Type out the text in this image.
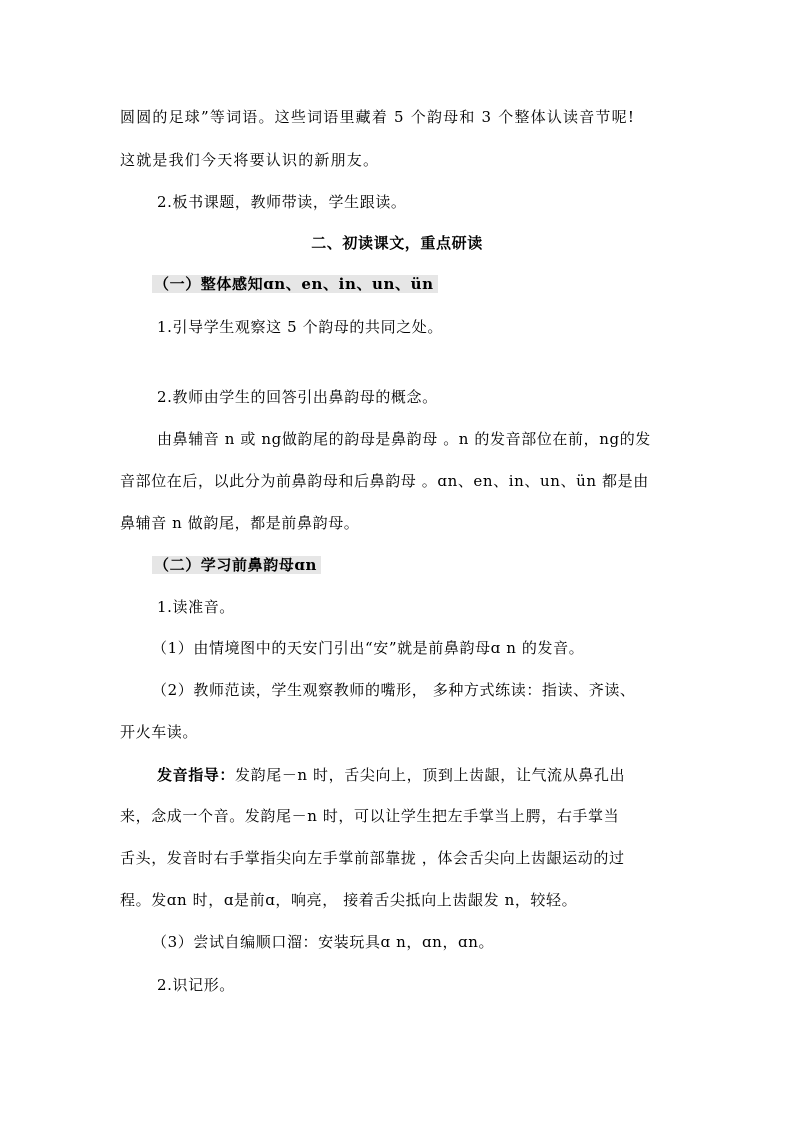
圆圆的足球”等词语。这些词语里藏着 5 个韵母和 3 个整体认读音节呢!
这就是我们今天将要认识的新朋友。
2.板书课题，教师带读，学生跟读。
二、初读课文，重点研读
（一）整体感知ɑn、en、in、un、ün
1.引导学生观察这 5 个韵母的共同之处。
2.教师由学生的回答引出鼻韵母的概念。
由鼻辅音 n 或 ng做韵尾的韵母是鼻韵母 。n 的发音部位在前，ng的发
音部位在后，以此分为前鼻韵母和后鼻韵母 。ɑn、en、in、un、ün 都是由
鼻辅音 n 做韵尾，都是前鼻韵母。
（二）学习前鼻韵母ɑn
1.读准音。
（1）由情境图中的天安门引出“安”就是前鼻韵母ɑ n 的发音。
（2）教师范读，学生观察教师的嘴形， 多种方式练读：指读、齐读、
开火车读。
发音指导：发韵尾－n 时，舌尖向上，顶到上齿龈，让气流从鼻孔出
来，念成一个音。发韵尾－n 时，可以让学生把左手掌当上腭，右手掌当
舌头，发音时右手掌指尖向左手掌前部靠拢 ，体会舌尖向上齿龈运动的过
程。发ɑn 时，ɑ是前ɑ，响亮， 接着舌尖抵向上齿龈发 n，较轻。
（3）尝试自编顺口溜：安装玩具ɑ n，ɑn，ɑn。
2.识记形。
